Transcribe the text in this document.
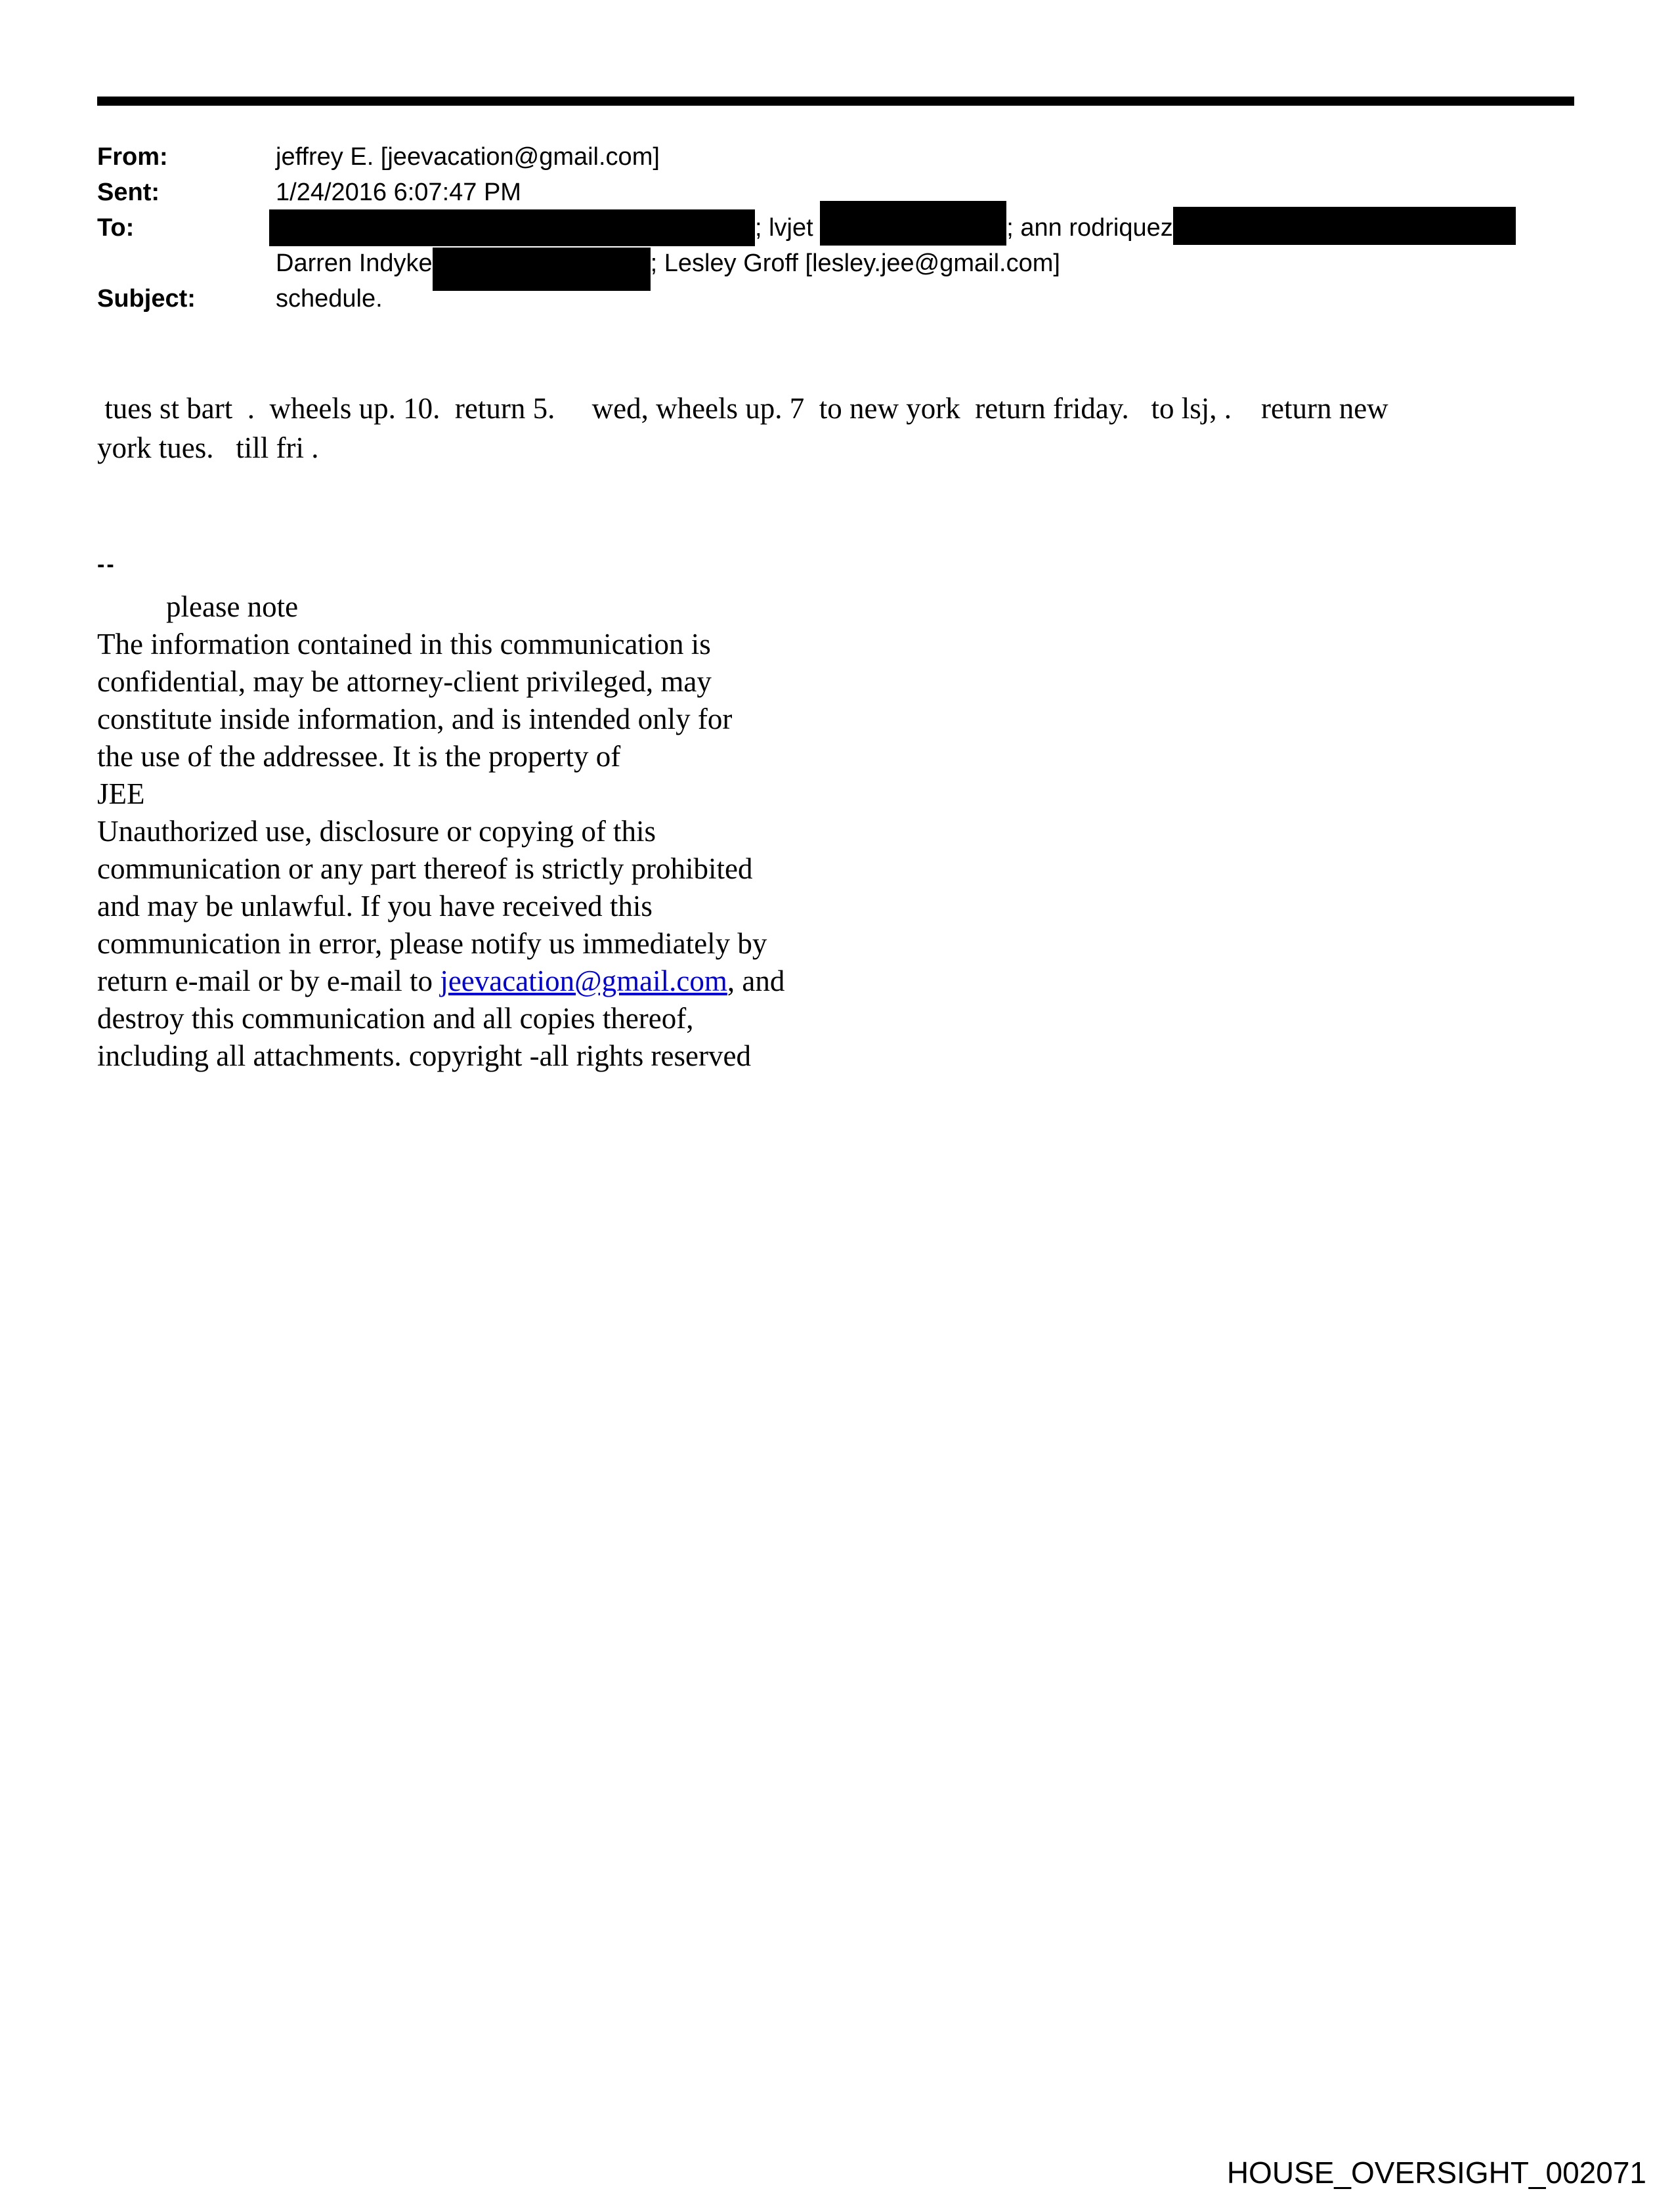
From:	jeffrey E. [jeevacation@gmail.com]
Sent:	1/24/2016 6:07:47 PM
To:	; lvjet	; ann rodriquez
Darren Indyke	; Lesley Groff [lesley.jee@gmail.com]
Subject:	schedule.
tues st bart  .  wheels up. 10.  return 5.     wed, wheels up. 7  to new york  return friday.   to lsj, .    return new
york tues.   till fri .
--
please note
The information contained in this communication is
confidential, may be attorney-client privileged, may
constitute inside information, and is intended only for
the use of the addressee. It is the property of
JEE
Unauthorized use, disclosure or copying of this
communication or any part thereof is strictly prohibited
and may be unlawful. If you have received this
communication in error, please notify us immediately by
return e-mail or by e-mail to jeevacation@gmail.com, and
destroy this communication and all copies thereof,
including all attachments. copyright -all rights reserved
HOUSE_OVERSIGHT_002071
